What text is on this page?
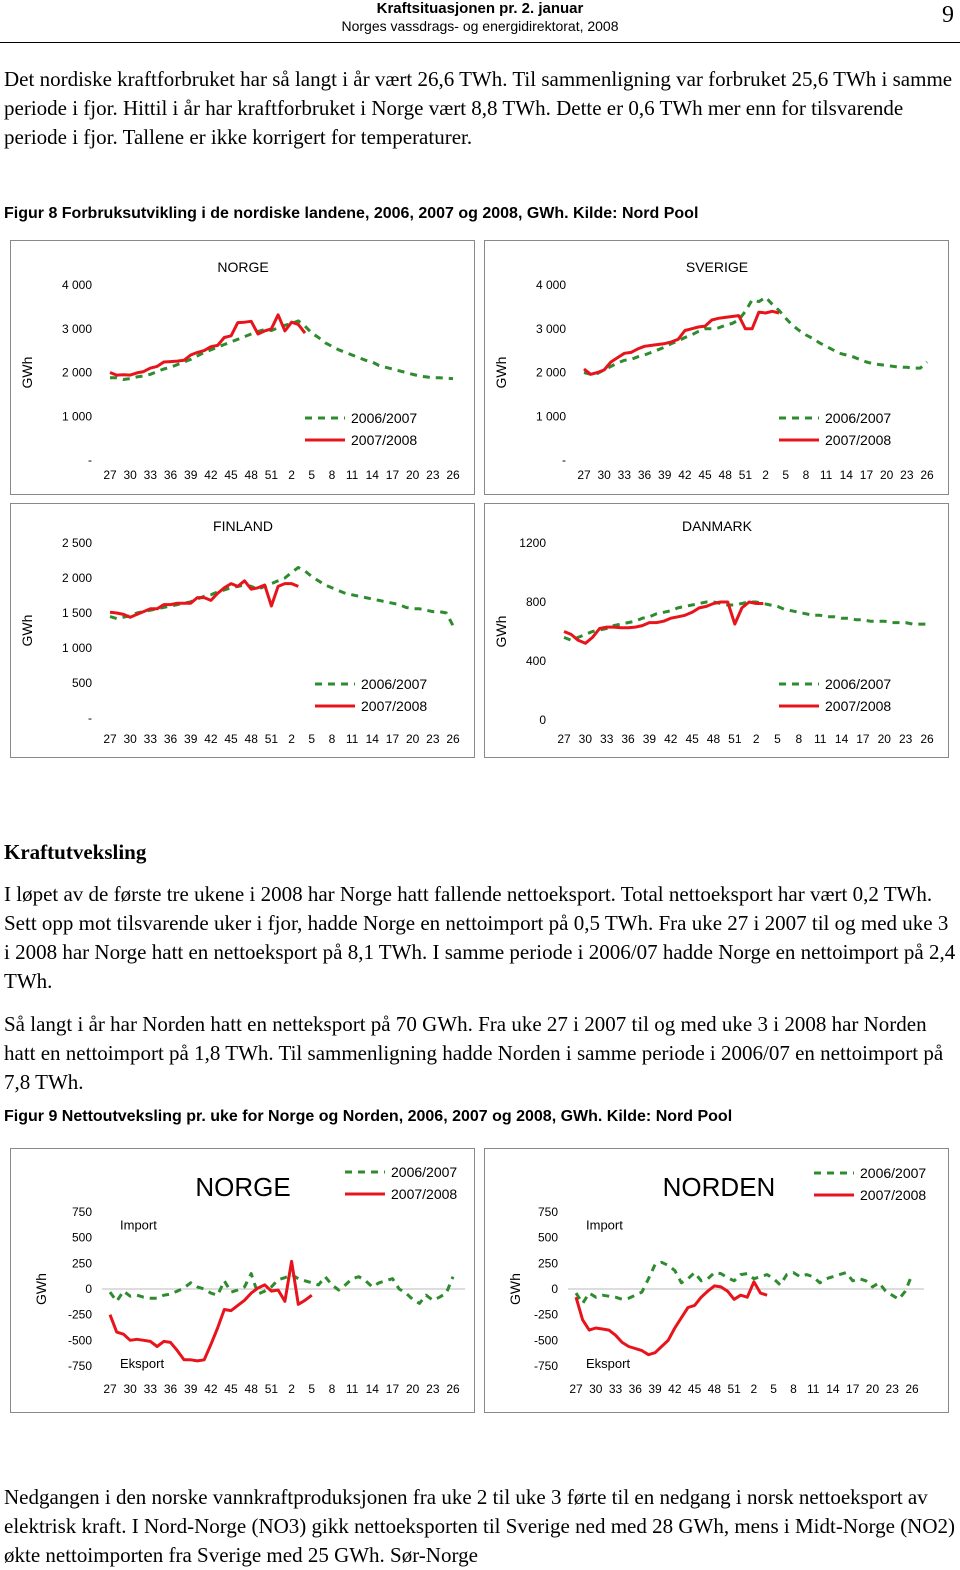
Kraftsituasjonen pr. 2. januar
Norges vassdrags- og energidirektorat, 2008	9

Det nordiske kraftforbruket har så langt i år vært 26,6 TWh. Til sammenligning var forbruket 25,6 TWh i samme periode i fjor. Hittil i år har kraftforbruket i Norge vært 8,8 TWh. Dette er 0,6 TWh mer enn for tilsvarende periode i fjor. Tallene er ikke korrigert for temperaturer.

Figur 8 Forbruksutvikling i de nordiske landene, 2006, 2007 og 2008, GWh. Kilde: Nord Pool

NORGE
GWh
-
1 000
2 000
3 000
4 000
27 30 33 36 39 42 45 48 51 2 5 8 11 14 17 20 23 26
2006/2007
2007/2008
SVERIGE
GWh
-
1 000
2 000
3 000
4 000
27 30 33 36 39 42 45 48 51 2 5 8 11 14 17 20 23 26
2006/2007
2007/2008
FINLAND
GWh
-
500
1 000
1 500
2 000
2 500
27 30 33 36 39 42 45 48 51 2 5 8 11 14 17 20 23 26
2006/2007
2007/2008
DANMARK
GWh
0
400
800
1200
27 30 33 36 39 42 45 48 51 2 5 8 11 14 17 20 23 26
2006/2007
2007/2008

Kraftutveksling

I løpet av de første tre ukene i 2008 har Norge hatt fallende nettoeksport. Total nettoeksport har vært 0,2 TWh. Sett opp mot tilsvarende uker i fjor, hadde Norge en nettoimport på 0,5 TWh. Fra uke 27 i 2007 til og med uke 3 i 2008 har Norge hatt en nettoeksport på 8,1 TWh. I samme periode i 2006/07 hadde Norge en nettoimport på 2,4 TWh.

Så langt i år har Norden hatt en netteksport på 70 GWh. Fra uke 27 i 2007 til og med uke 3 i 2008 har Norden hatt en nettoimport på 1,8 TWh. Til sammenligning hadde Norden i samme periode i 2006/07 en nettoimport på 7,8 TWh.

Figur 9 Nettoutveksling pr. uke for Norge og Norden, 2006, 2007 og 2008, GWh. Kilde: Nord Pool

NORGE
GWh
-750
-500
-250
0
250
500
750
27 30 33 36 39 42 45 48 51 2 5 8 11 14 17 20 23 26
Import
Eksport
2006/2007
2007/2008	NORDEN
GWh
-750
-500
-250
0
250
500
750
27 30 33 36 39 42 45 48 51 2 5 8 11 14 17 20 23 26
Import
Eksport
2006/2007
2007/2008

Nedgangen i den norske vannkraftproduksjonen fra uke 2 til uke 3 førte til en nedgang i norsk nettoeksport av elektrisk kraft. I Nord-Norge (NO3) gikk nettoeksporten til Sverige ned med 28 GWh, mens i Midt-Norge (NO2) økte nettoimporten fra Sverige med 25 GWh. Sør-Norge
